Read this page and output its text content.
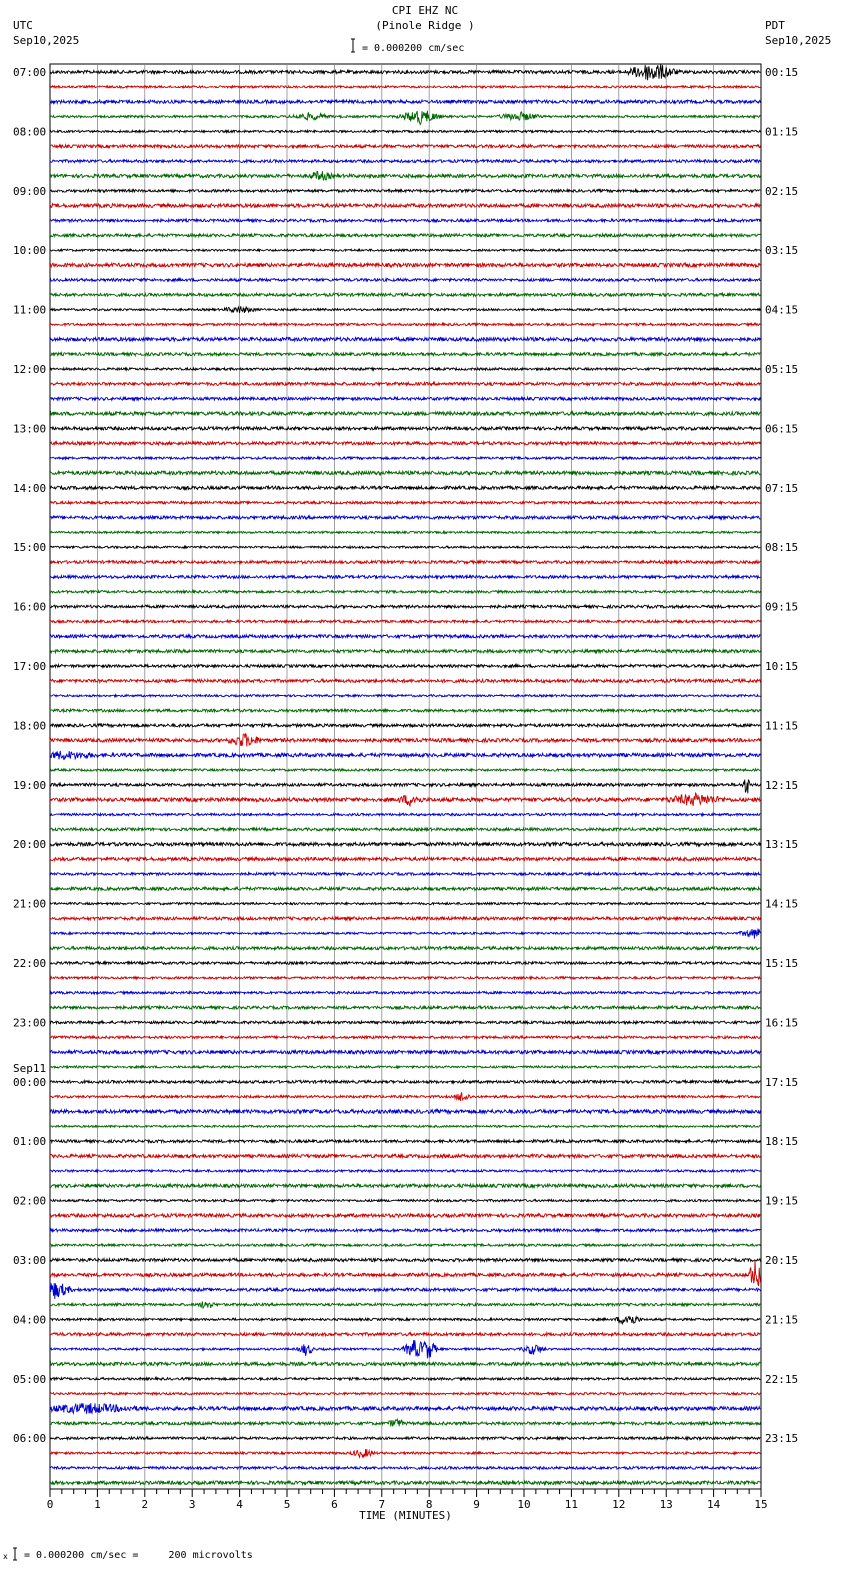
CPI EHZ NC
(Pinole Ridge )
= 0.000200 cm/sec
UTC
Sep10,2025
PDT
Sep10,2025
07:00
08:00
09:00
10:00
11:00
12:00
13:00
14:00
15:00
16:00
17:00
18:00
19:00
20:00
21:00
22:00
23:00
00:00
Sep11
01:00
02:00
03:00
04:00
05:00
06:00
00:15
01:15
02:15
03:15
04:15
05:15
06:15
07:15
08:15
09:15
10:15
11:15
12:15
13:15
14:15
15:15
16:15
17:15
18:15
19:15
20:15
21:15
22:15
23:15
0	1	2	3	4	5	6	7	8	9	10	11	12	13	14	15
TIME (MINUTES)
x = 0.000200 cm/sec =     200 microvolts
